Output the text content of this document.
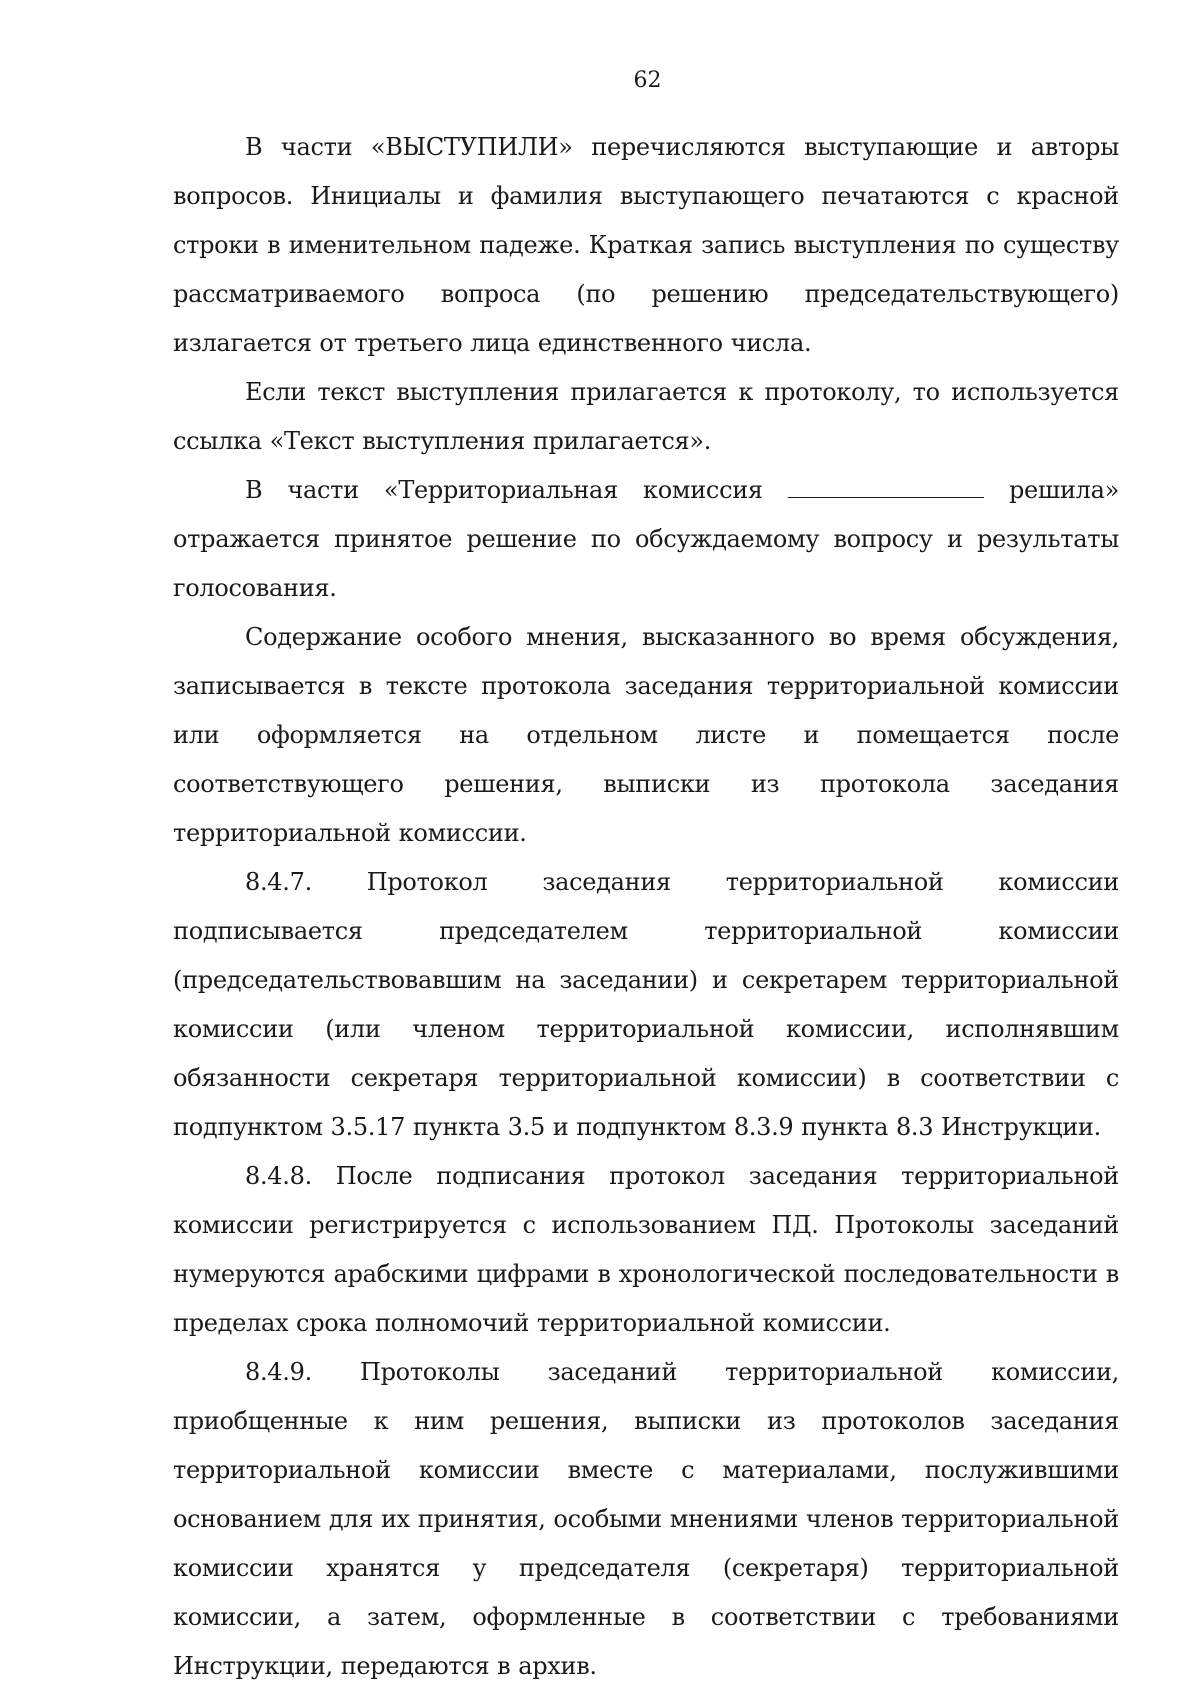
62

В части «ВЫСТУПИЛИ» перечисляются выступающие и авторы вопросов. Инициалы и фамилия выступающего печатаются с красной строки в именительном падеже. Краткая запись выступления по существу рассматриваемого вопроса (по решению председательствующего) излагается от третьего лица единственного числа.

Если текст выступления прилагается к протоколу, то используется ссылка «Текст выступления прилагается».

В части «Территориальная комиссия	решила» отражается принятое решение по обсуждаемому вопросу и результаты голосования.

Содержание особого мнения, высказанного во время обсуждения, записывается в тексте протокола заседания территориальной комиссии или оформляется на отдельном листе и помещается после соответствующего решения, выписки из протокола заседания территориальной комиссии.

8.4.7. Протокол заседания территориальной комиссии подписывается председателем территориальной комиссии (председательствовавшим на заседании) и секретарем территориальной комиссии (или членом территориальной комиссии, исполнявшим обязанности секретаря территориальной комиссии) в соответствии с подпунктом 3.5.17 пункта 3.5 и подпунктом 8.3.9 пункта 8.3 Инструкции.

8.4.8. После подписания протокол заседания территориальной комиссии регистрируется с использованием ПД. Протоколы заседаний нумеруются арабскими цифрами в хронологической последовательности в пределах срока полномочий территориальной комиссии.

8.4.9. Протоколы заседаний территориальной комиссии, приобщенные к ним решения, выписки из протоколов заседания территориальной комиссии вместе с материалами, послужившими основанием для их принятия, особыми мнениями членов территориальной комиссии хранятся у председателя (секретаря) территориальной комиссии, а затем, оформленные в соответствии с требованиями Инструкции, передаются в архив.
